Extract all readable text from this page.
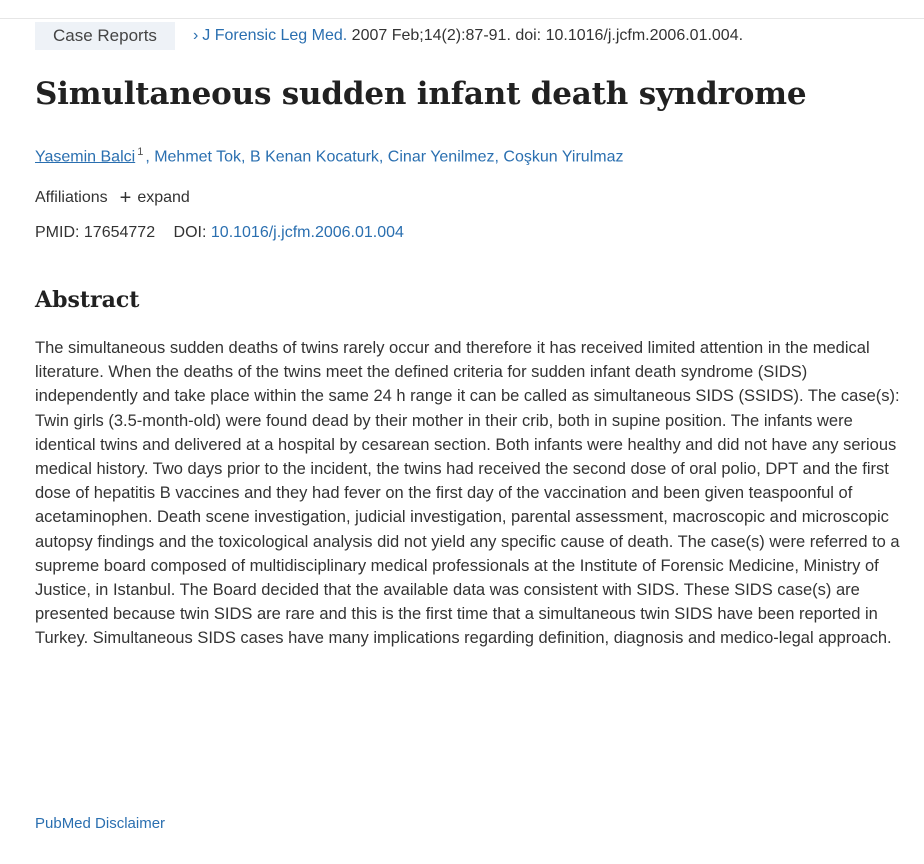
Case Reports	› J Forensic Leg Med. 2007 Feb;14(2):87-91. doi: 10.1016/j.jcfm.2006.01.004.
Simultaneous sudden infant death syndrome
Yasemin Balci $^1$ , Mehmet Tok, B Kenan Kocaturk, Cinar Yenilmez, Coşkun Yirulmaz
Affiliations + expand
PMID: 17654772 DOI: 10.1016/j.jcfm.2006.01.004
Abstract

The simultaneous sudden deaths of twins rarely occur and therefore it has received limited attention in the medical literature. When the deaths of the twins meet the defined criteria for sudden infant death syndrome (SIDS) independently and take place within the same 24 h range it can be called as simultaneous SIDS (SSIDS). The case(s): Twin girls (3.5-month-old) were found dead by their mother in their crib, both in supine position. The infants were identical twins and delivered at a hospital by cesarean section. Both infants were healthy and did not have any serious medical history. Two days prior to the incident, the twins had received the second dose of oral polio, DPT and the first dose of hepatitis B vaccines and they had fever on the first day of the vaccination and been given teaspoonful of acetaminophen. Death scene investigation, judicial investigation, parental assessment, macroscopic and microscopic autopsy findings and the toxicological analysis did not yield any specific cause of death. The case(s) were referred to a supreme board composed of multidisciplinary medical professionals at the Institute of Forensic Medicine, Ministry of Justice, in Istanbul. The Board decided that the available data was consistent with SIDS. These SIDS case(s) are presented because twin SIDS are rare and this is the first time that a simultaneous twin SIDS have been reported in Turkey. Simultaneous SIDS cases have many implications regarding definition, diagnosis and medico-legal approach.

PubMed Disclaimer
